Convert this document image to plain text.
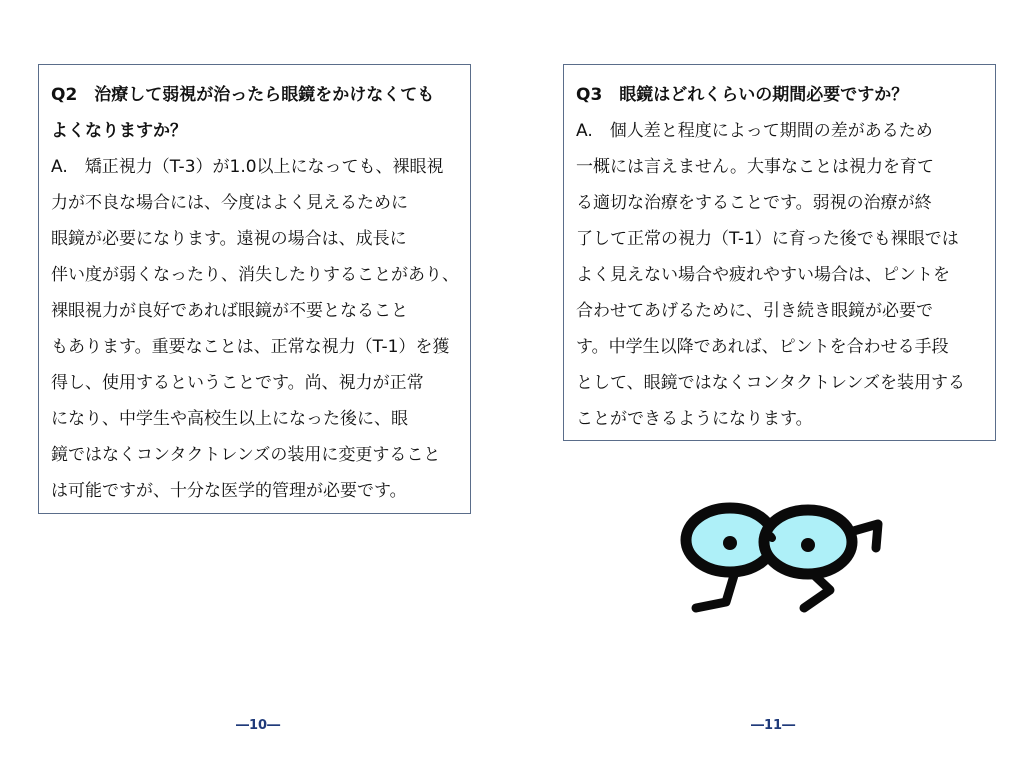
Q2　治療して弱視が治ったら眼鏡をかけなくても
よくなりますか？
A.　矯正視力（T-3）が1.0以上になっても、裸眼視
力が不良な場合には、今度はよく見えるために
眼鏡が必要になります。遠視の場合は、成長に
伴い度が弱くなったり、消失したりすることがあり、
裸眼視力が良好であれば眼鏡が不要となること
もあります。重要なことは、正常な視力（T-1）を獲
得し、使用するということです。尚、視力が正常
になり、中学生や高校生以上になった後に、眼
鏡ではなくコンタクトレンズの装用に変更すること
は可能ですが、十分な医学的管理が必要です。
Q3　眼鏡はどれくらいの期間必要ですか？
A.　個人差と程度によって期間の差があるため
一概には言えません。大事なことは視力を育て
る適切な治療をすることです。弱視の治療が終
了して正常の視力（T-1）に育った後でも裸眼では
よく見えない場合や疲れやすい場合は、ピントを
合わせてあげるために、引き続き眼鏡が必要で
す。中学生以降であれば、ピントを合わせる手段
として、眼鏡ではなくコンタクトレンズを装用する
ことができるようになります。
―10―	―11―
